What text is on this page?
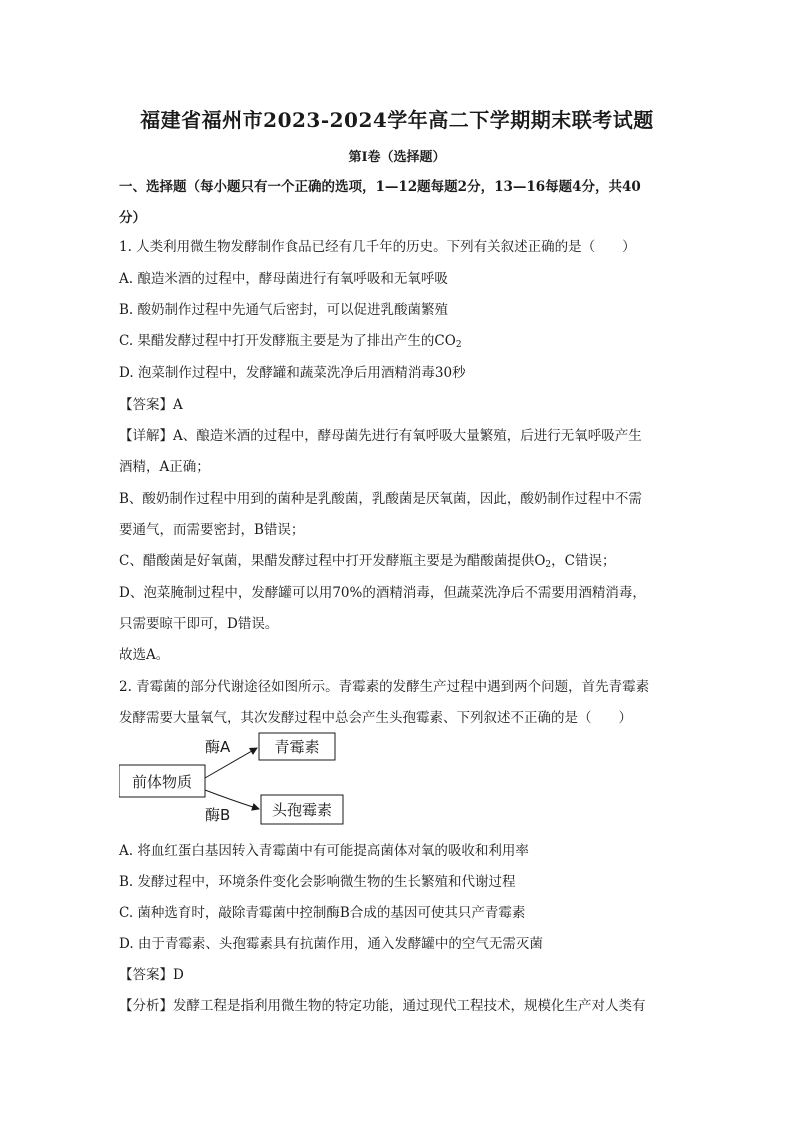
福建省福州市2023-2024学年高二下学期期末联考试题
第Ⅰ卷（选择题）
一、选择题（每小题只有一个正确的选项，1—12题每题2分，13—16每题4分，共40
分）
1. 人类利用微生物发酵制作食品已经有几千年的历史。下列有关叙述正确的是（　　）
A. 酿造米酒的过程中，酵母菌进行有氧呼吸和无氧呼吸
B. 酸奶制作过程中先通气后密封，可以促进乳酸菌繁殖
C. 果醋发酵过程中打开发酵瓶主要是为了排出产生的$CO_2$
D. 泡菜制作过程中，发酵罐和蔬菜洗净后用酒精消毒30秒
【答案】A
【详解】A、酿造米酒的过程中，酵母菌先进行有氧呼吸大量繁殖，后进行无氧呼吸产生
酒精，A正确；
B、酸奶制作过程中用到的菌种是乳酸菌，乳酸菌是厌氧菌，因此，酸奶制作过程中不需
要通气，而需要密封，B错误；
C、醋酸菌是好氧菌，果醋发酵过程中打开发酵瓶主要是为醋酸菌提供$O_2$，C错误；
D、泡菜腌制过程中，发酵罐可以用70%的酒精消毒，但蔬菜洗净后不需要用酒精消毒，
只需要晾干即可，D错误。
故选A。
2. 青霉菌的部分代谢途径如图所示。青霉素的发酵生产过程中遇到两个问题，首先青霉素
发酵需要大量氧气，其次发酵过程中总会产生头孢霉素、下列叙述不正确的是（　　）
前体物质
青霉素
头孢霉素
酶A
酶B
A. 将血红蛋白基因转入青霉菌中有可能提高菌体对氧的吸收和利用率
B. 发酵过程中，环境条件变化会影响微生物的生长繁殖和代谢过程
C. 菌种选育时，敲除青霉菌中控制酶B合成的基因可使其只产青霉素
D. 由于青霉素、头孢霉素具有抗菌作用，通入发酵罐中的空气无需灭菌
【答案】D
【分析】发酵工程是指利用微生物的特定功能，通过现代工程技术，规模化生产对人类有
